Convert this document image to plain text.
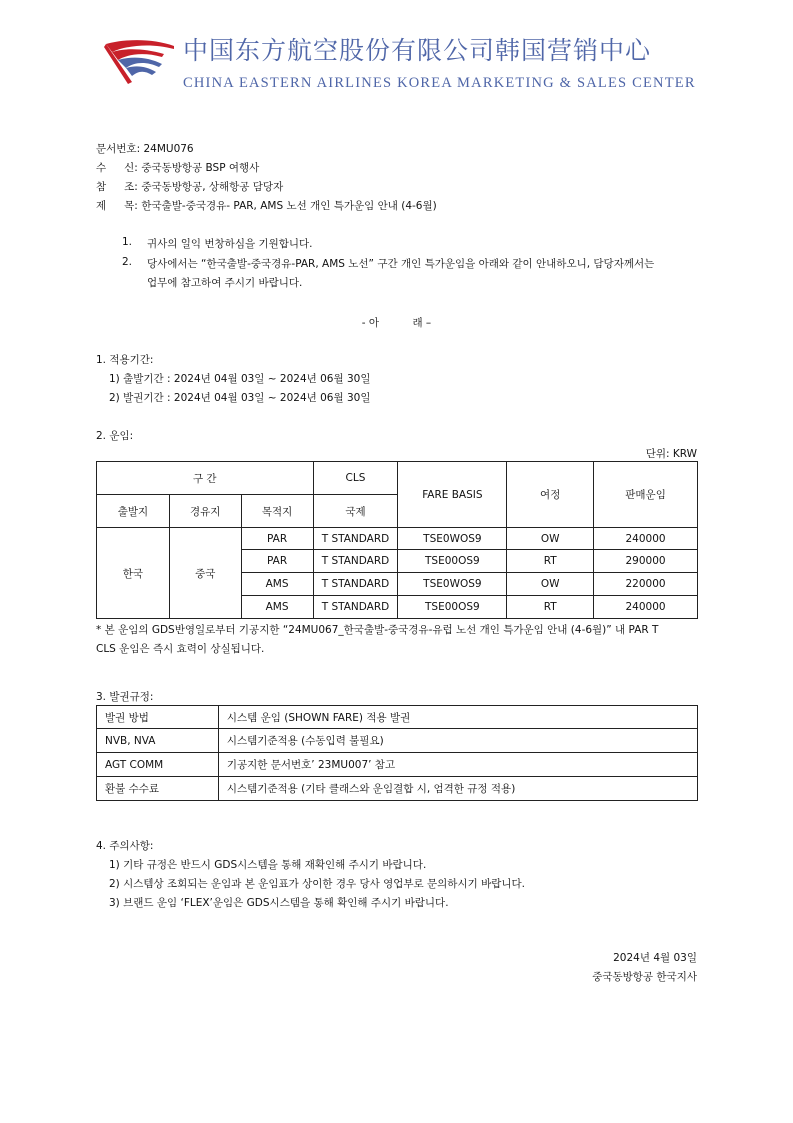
中国东方航空股份有限公司韩国营销中心
CHINA EASTERN AIRLINES KOREA MARKETING & SALES CENTER
문서번호: 24MU076
수 신: 중국동방항공 BSP 여행사
참 조: 중국동방항공, 상해항공 담당자
제 목: 한국출발-중국경유- PAR, AMS 노선 개인 특가운임 안내 (4-6월)
1. 귀사의 일익 번창하심을 기원합니다.
2. 당사에서는 “한국출발-중국경유-PAR, AMS 노선” 구간 개인 특가운임을 아래와 같이 안내하오니, 담당자께서는
업무에 참고하여 주시기 바랍니다.
- 아          래 –
1. 적용기간:
1) 출발기간 : 2024년 04월 03일 ~ 2024년 06월 30일
2) 발권기간 : 2024년 04월 03일 ~ 2024년 06월 30일
2. 운임:
단위: KRW
구 간			CLS	FARE BASIS	여정	판매운임
출발지	경유지	목적지	국제			
한국	중국	PAR	T STANDARD	TSE0WOS9	OW	240000
		PAR	T STANDARD	TSE00OS9	RT	290000
		AMS	T STANDARD	TSE0WOS9	OW	220000
		AMS	T STANDARD	TSE00OS9	RT	240000
* 본 운임의 GDS반영일로부터 기공지한 “24MU067_한국출발-중국경유-유럽 노선 개인 특가운임 안내 (4-6월)” 내 PAR T
CLS 운임은 즉시 효력이 상실됩니다.
3. 발권규정:
발권 방법	시스템 운임 (SHOWN FARE) 적용 발권
NVB, NVA	시스템기준적용 (수동입력 불필요)
AGT COMM	기공지한 문서번호’ 23MU007’ 참고
환불 수수료	시스템기준적용 (기타 클래스와 운임결합 시, 엄격한 규정 적용)
4. 주의사항:
1) 기타 규정은 반드시 GDS시스템을 통해 재확인해 주시기 바랍니다.
2) 시스템상 조회되는 운임과 본 운임표가 상이한 경우 당사 영업부로 문의하시기 바랍니다.
3) 브랜드 운임 ‘FLEX’운임은 GDS시스템을 통해 확인해 주시기 바랍니다.
2024년 4월 03일
중국동방항공 한국지사
